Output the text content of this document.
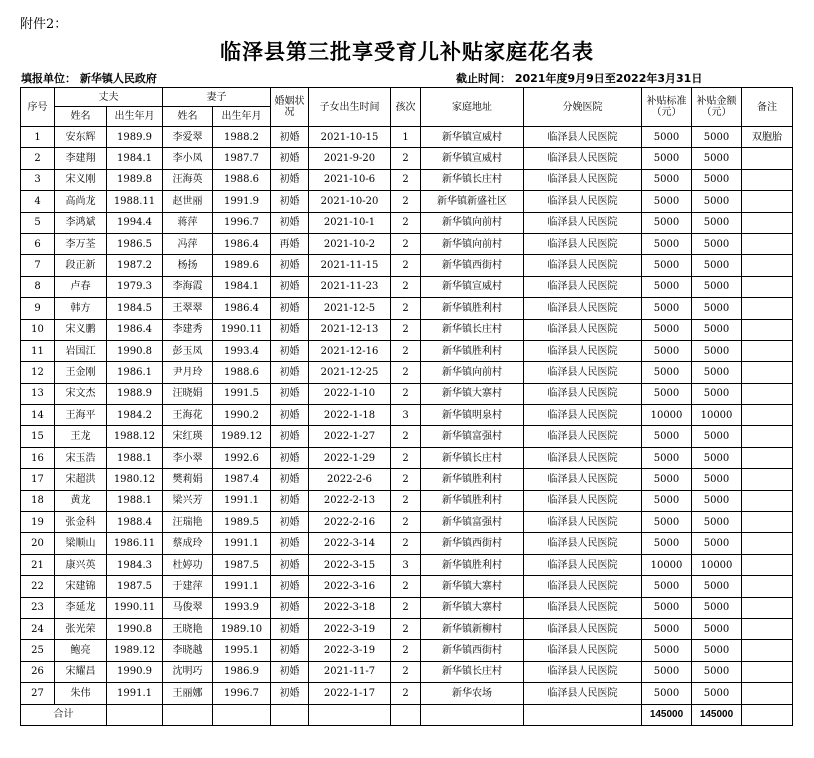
附件2：
临泽县第三批享受育儿补贴家庭花名表
填报单位： 新华镇人民政府	截止时间： 2021年度9月9日至2022年3月31日
序号	丈夫		妻子		婚姻状况	子女出生时间	孩次	家庭地址	分娩医院	补贴标准（元）	补贴金额（元）	备注
	姓名	出生年月	姓名	出生年月								
1	安东辉	1989.9	李爱翠	1988.2	初婚	2021-10-15	1	新华镇宣威村	临泽县人民医院	5000	5000	双胞胎
2	李建翔	1984.1	李小凤	1987.7	初婚	2021-9-20	2	新华镇宣威村	临泽县人民医院	5000	5000	
3	宋义刚	1989.8	汪海英	1988.6	初婚	2021-10-6	2	新华镇长庄村	临泽县人民医院	5000	5000	
4	高尚龙	1988.11	赵世丽	1991.9	初婚	2021-10-20	2	新华镇新盛社区	临泽县人民医院	5000	5000	
5	李鸿斌	1994.4	蒋萍	1996.7	初婚	2021-10-1	2	新华镇向前村	临泽县人民医院	5000	5000	
6	李万荃	1986.5	冯萍	1986.4	再婚	2021-10-2	2	新华镇向前村	临泽县人民医院	5000	5000	
7	段正新	1987.2	杨扬	1989.6	初婚	2021-11-15	2	新华镇西街村	临泽县人民医院	5000	5000	
8	卢春	1979.3	李海霞	1984.1	初婚	2021-11-23	2	新华镇宣威村	临泽县人民医院	5000	5000	
9	韩方	1984.5	王翠翠	1986.4	初婚	2021-12-5	2	新华镇胜利村	临泽县人民医院	5000	5000	
10	宋义鹏	1986.4	李建秀	1990.11	初婚	2021-12-13	2	新华镇长庄村	临泽县人民医院	5000	5000	
11	岩国江	1990.8	彭玉凤	1993.4	初婚	2021-12-16	2	新华镇胜利村	临泽县人民医院	5000	5000	
12	王金刚	1986.1	尹月玲	1988.6	初婚	2021-12-25	2	新华镇向前村	临泽县人民医院	5000	5000	
13	宋文杰	1988.9	汪晓娟	1991.5	初婚	2022-1-10	2	新华镇大寨村	临泽县人民医院	5000	5000	
14	王海平	1984.2	王海花	1990.2	初婚	2022-1-18	3	新华镇明泉村	临泽县人民医院	10000	10000	
15	王龙	1988.12	宋红瑛	1989.12	初婚	2022-1-27	2	新华镇富强村	临泽县人民医院	5000	5000	
16	宋玉浩	1988.1	李小翠	1992.6	初婚	2022-1-29	2	新华镇长庄村	临泽县人民医院	5000	5000	
17	宋超洪	1980.12	樊莉娟	1987.4	初婚	2022-2-6	2	新华镇胜利村	临泽县人民医院	5000	5000	
18	黄龙	1988.1	梁兴芳	1991.1	初婚	2022-2-13	2	新华镇胜利村	临泽县人民医院	5000	5000	
19	张金科	1988.4	汪瑞艳	1989.5	初婚	2022-2-16	2	新华镇富强村	临泽县人民医院	5000	5000	
20	梁顺山	1986.11	蔡成玲	1991.1	初婚	2022-3-14	2	新华镇西街村	临泽县人民医院	5000	5000	
21	康兴英	1984.3	杜婷功	1987.5	初婚	2022-3-15	3	新华镇胜利村	临泽县人民医院	10000	10000	
22	宋建锦	1987.5	于建萍	1991.1	初婚	2022-3-16	2	新华镇大寨村	临泽县人民医院	5000	5000	
23	李延龙	1990.11	马俊翠	1993.9	初婚	2022-3-18	2	新华镇大寨村	临泽县人民医院	5000	5000	
24	张光荣	1990.8	王晓艳	1989.10	初婚	2022-3-19	2	新华镇新柳村	临泽县人民医院	5000	5000	
25	鲍亮	1989.12	李晓越	1995.1	初婚	2022-3-19	2	新华镇西街村	临泽县人民医院	5000	5000	
26	宋耀昌	1990.9	沈明巧	1986.9	初婚	2021-11-7	2	新华镇长庄村	临泽县人民医院	5000	5000	
27	朱伟	1991.1	王丽娜	1996.7	初婚	2022-1-17	2	新华农场	临泽县人民医院	5000	5000	
合计										145000	145000	
